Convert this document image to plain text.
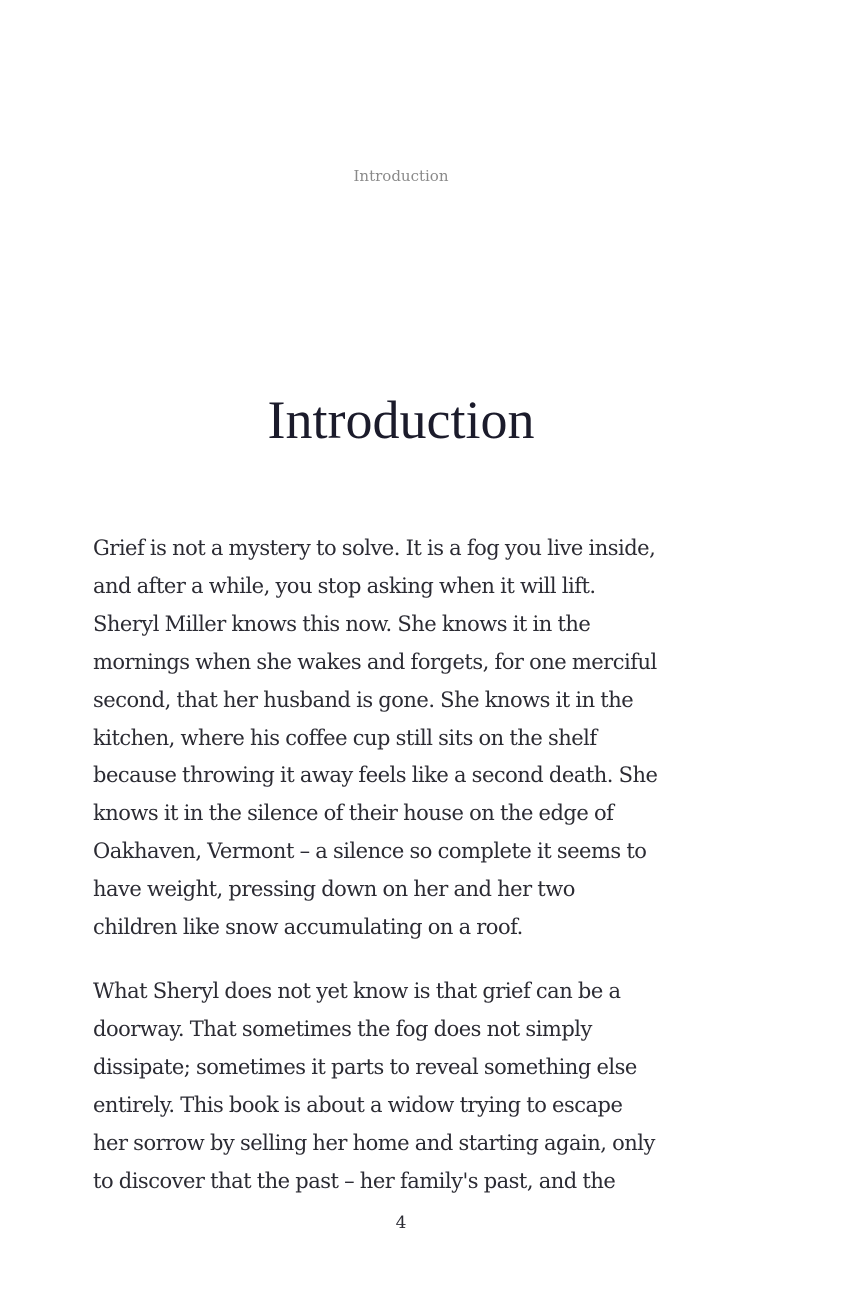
Introduction
Introduction

Grief is not a mystery to solve. It is a fog you live inside,
and after a while, you stop asking when it will lift.
Sheryl Miller knows this now. She knows it in the
mornings when she wakes and forgets, for one merciful
second, that her husband is gone. She knows it in the
kitchen, where his coffee cup still sits on the shelf
because throwing it away feels like a second death. She
knows it in the silence of their house on the edge of
Oakhaven, Vermont – a silence so complete it seems to
have weight, pressing down on her and her two
children like snow accumulating on a roof.

What Sheryl does not yet know is that grief can be a
doorway. That sometimes the fog does not simply
dissipate; sometimes it parts to reveal something else
entirely. This book is about a widow trying to escape
her sorrow by selling her home and starting again, only
to discover that the past – her family's past, and the

4
